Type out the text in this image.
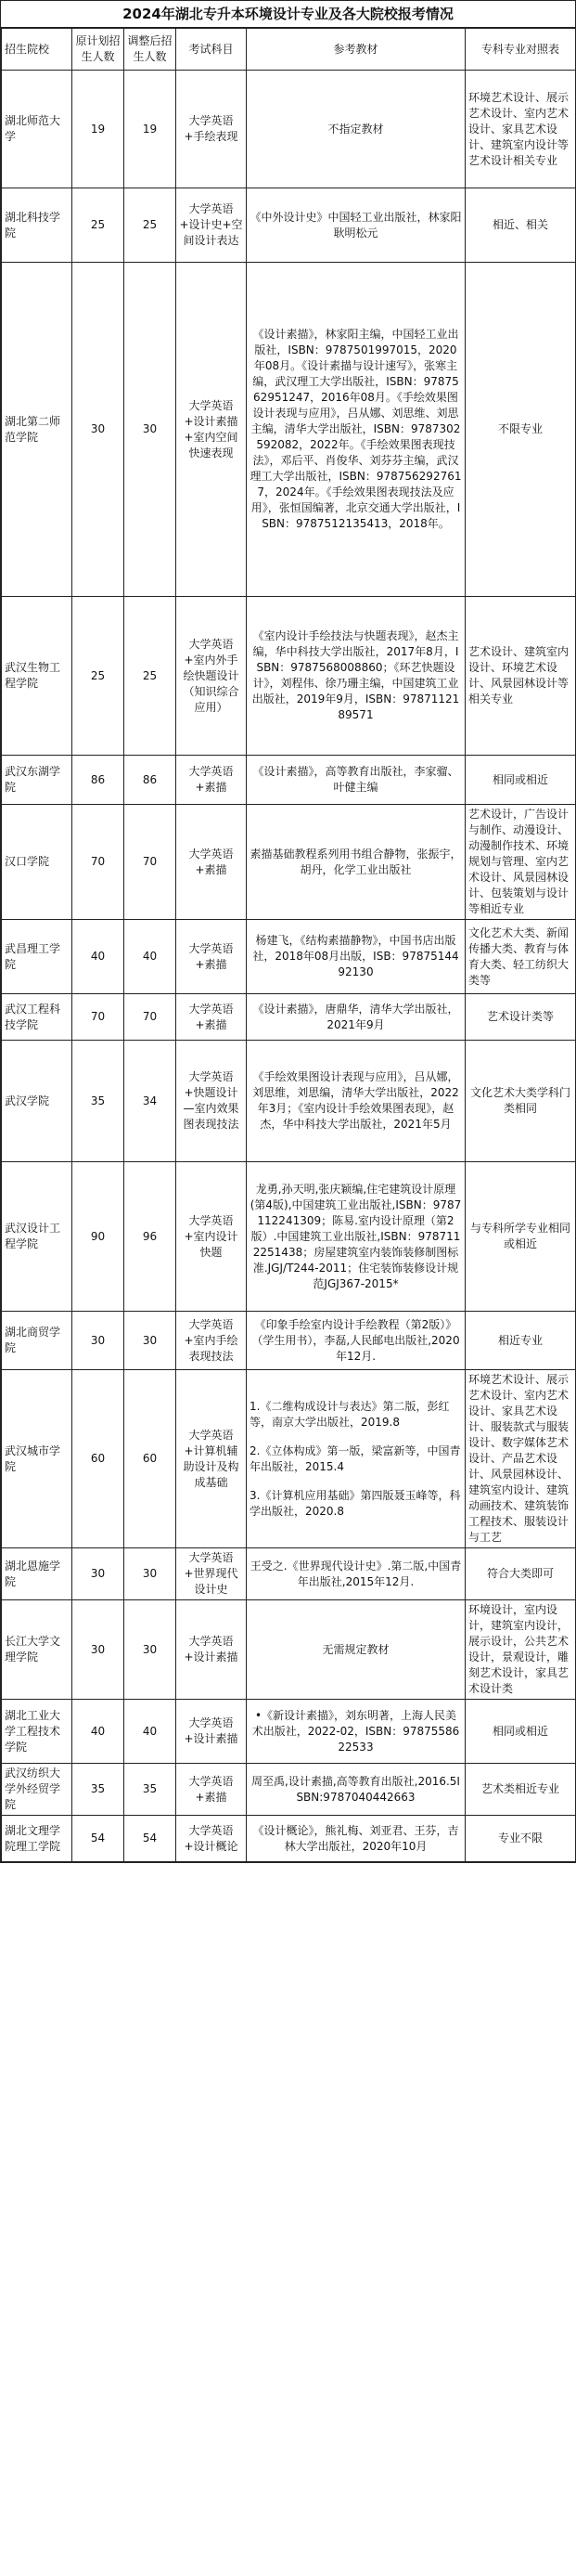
2024年湖北专升本环境设计专业及各大院校报考情况
招生院校	原计划招生人数	调整后招生人数	考试科目	参考教材	专科专业对照表
湖北师范大学	19	19	大学英语+手绘表现	不指定教材	环境艺术设计、展示艺术设计、室内艺术设计、家具艺术设计、建筑室内设计等艺术设计相关专业
湖北科技学院	25	25	大学英语+设计史+空间设计表达	《中外设计史》中国轻工业出版社，林家阳耿明松元	相近、相关
湖北第二师范学院	30	30	大学英语+设计素描+室内空间快速表现	《设计素描》，林家阳主编，中国轻工业出版社，ISBN：9787501997015，2020年08月。《设计素描与设计速写》，张寒主编，武汉理工大学出版社，ISBN：9787562951247，2016年08月。《手绘效果图设计表现与应用》，吕从娜、刘思维、刘思主编，清华大学出版社，ISBN：9787302592082，2022年。《手绘效果图表现技法》，邓后平、肖俊华、刘芬芬主编，武汉理工大学出版社，ISBN：9787562927617，2024年。《手绘效果图表现技法及应用》，张恒国编著，北京交通大学出版社，ISBN：9787512135413，2018年。	不限专业
武汉生物工程学院	25	25	大学英语+室内外手绘快题设计（知识综合应用）	《室内设计手绘技法与快题表现》，赵杰主编，华中科技大学出版社，2017年8月，ISBN：9787568008860；《环艺快题设计》，刘程伟、徐乃珊主编，中国建筑工业出版社，2019年9月，ISBN：9787112189571	艺术设计、建筑室内设计、环境艺术设计、风景园林设计等相关专业
武汉东湖学院	86	86	大学英语+素描	《设计素描》，高等教育出版社，李家骝、叶健主编	相同或相近
汉口学院	70	70	大学英语+素描	素描基础教程系列用书组合静物，张振宇，胡丹，化学工业出版社	艺术设计，广告设计与制作、动漫设计、动漫制作技术、环境规划与管理、室内艺术设计、风景园林设计、包装策划与设计等相近专业
武昌理工学院	40	40	大学英语+素描	杨建飞，《结构素描静物》，中国书店出版社，2018年08月出版，ISB：9787514492130	文化艺术大类、新闻传播大类、教育与体育大类、轻工纺织大类等
武汉工程科技学院	70	70	大学英语+素描	《设计素描》，唐鼎华，清华大学出版社，2021年9月	艺术设计类等
武汉学院	35	34	大学英语+快题设计—室内效果图表现技法	《手绘效果图设计表现与应用》，吕从娜，刘思维，刘思编，清华大学出版社，2022年3月；《室内设计手绘效果图表现》，赵杰，华中科技大学出版社，2021年5月	文化艺术大类学科门类相同
武汉设计工程学院	90	96	大学英语+室内设计快题	龙勇,孙天明,张庆颖编,住宅建筑设计原理(第4版),中国建筑工业出版社,ISBN：9787112241309；陈易.室内设计原理（第2版）.中国建筑工业出版社,ISBN：9787112251438；房屋建筑室内装饰装修制图标准.JGJ/T244-2011；住宅装饰装修设计规范JGJ367-2015*	与专科所学专业相同或相近
湖北商贸学院	30	30	大学英语+室内手绘表现技法	《印象手绘室内设计手绘教程（第2版）》（学生用书），李磊,人民邮电出版社,2020年12月.	相近专业
武汉城市学院	60	60	大学英语+计算机辅助设计及构成基础	1.《二维构成设计与表达》第二版，彭红等，南京大学出版社，2019.8
2.《立体构成》第一版，梁富新等，中国青年出版社，2015.4
3.《计算机应用基础》第四版聂玉峰等，科学出版社，2020.8	环境艺术设计、展示艺术设计、室内艺术设计、家具艺术设计、服装款式与服装设计、数字媒体艺术设计、产品艺术设计、风景园林设计、建筑室内设计、建筑动画技术、建筑装饰工程技术、服装设计与工艺
湖北恩施学院	30	30	大学英语+世界现代设计史	王受之.《世界现代设计史》.第二版,中国青年出版社,2015年12月.	符合大类即可
长江大学文理学院	30	30	大学英语+设计素描	无需规定教材	环境设计，室内设计，建筑室内设计，展示设计，公共艺术设计，景观设计，雕刻艺术设计，家具艺术设计类
湖北工业大学工程技术学院	40	40	大学英语+设计素描	•《新设计素描》，刘东明著，上海人民美术出版社，2022-02，ISBN：9787558622533	相同或相近
武汉纺织大学外经贸学院	35	35	大学英语+素描	周至禹,设计素描,高等教育出版社,2016.5ISBN:9787040442663	艺术类相近专业
湖北文理学院理工学院	54	54	大学英语+设计概论	《设计概论》，熊礼梅、刘亚君、王芬，吉林大学出版社，2020年10月	专业不限
